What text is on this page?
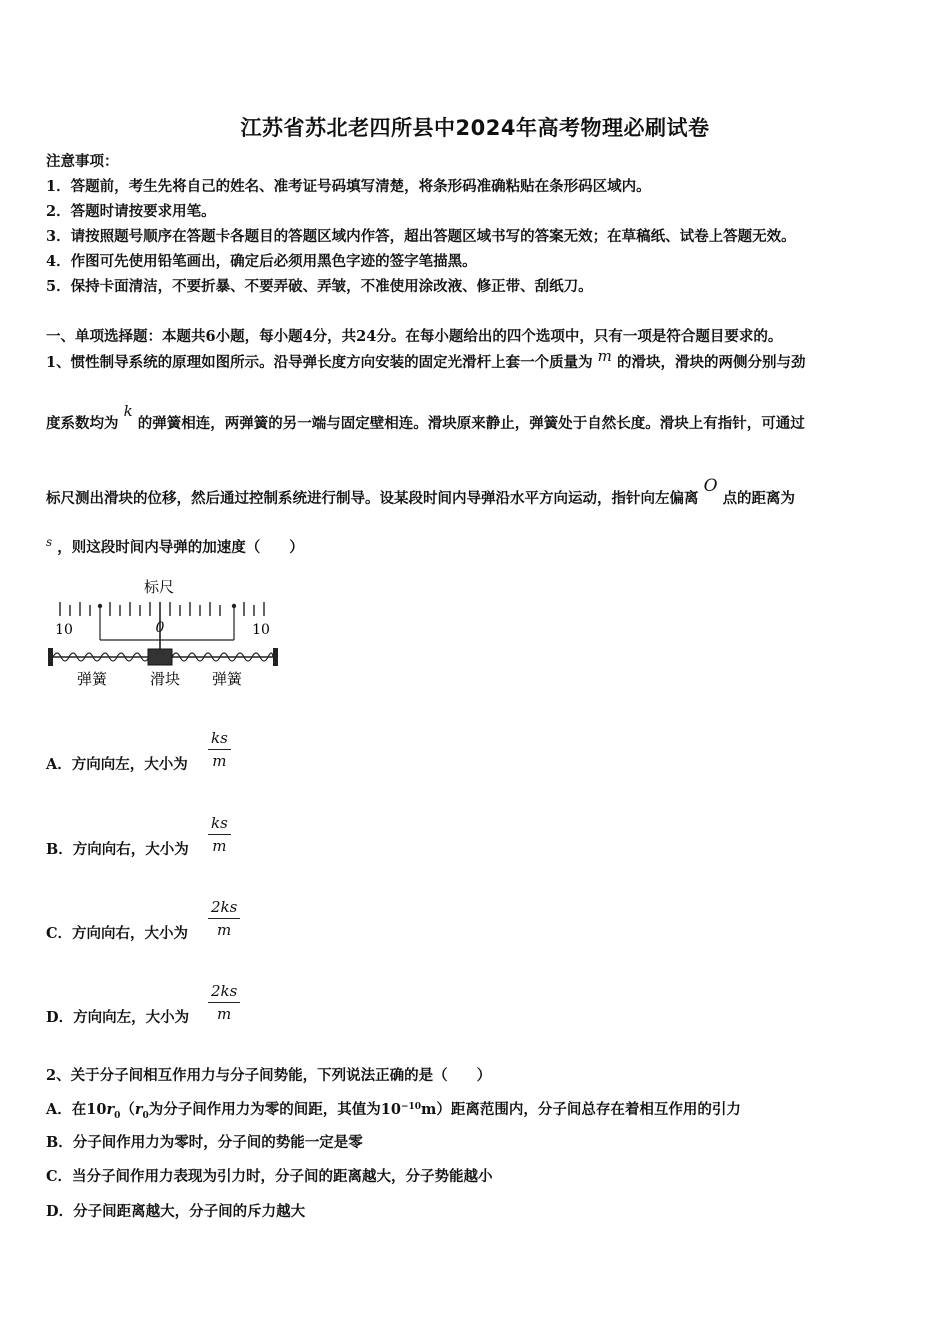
江苏省苏北老四所县中2024年高考物理必刷试卷
注意事项：
1．答题前，考生先将自己的姓名、准考证号码填写清楚，将条形码准确粘贴在条形码区域内。
2．答题时请按要求用笔。
3．请按照题号顺序在答题卡各题目的答题区域内作答，超出答题区域书写的答案无效；在草稿纸、试卷上答题无效。
4．作图可先使用铅笔画出，确定后必须用黑色字迹的签字笔描黑。
5．保持卡面清洁，不要折暴、不要弄破、弄皱，不准使用涂改液、修正带、刮纸刀。
一、单项选择题：本题共6小题，每小题4分，共24分。在每小题给出的四个选项中，只有一项是符合题目要求的。
1、惯性制导系统的原理如图所示。沿导弹长度方向安装的固定光滑杆上套一个质量为 m 的滑块，滑块的两侧分别与劲
度系数均为 k 的弹簧相连，两弹簧的另一端与固定壁相连。滑块原来静止，弹簧处于自然长度。滑块上有指针，可通过
标尺测出滑块的位移，然后通过控制系统进行制导。设某段时间内导弹沿水平方向运动，指针向左偏离 O 点的距离为
$^s$ ，则这段时间内导弹的加速度（　　）
标尺
10	0	10
弹簧	滑块 弹簧
A．方向向左，大小为 $\frac{ks}{m}$
B．方向向右，大小为 $\frac{ks}{m}$
C．方向向右，大小为 $\frac{2ks}{m}$
D．方向向左，大小为 $\frac{2ks}{m}$
2、关于分子间相互作用力与分子间势能，下列说法正确的是（　　）
A．在$10r_0(r_0$为分子间作用力为零的间距，其值为$10^{-10}m$）距离范围内，分子间总存在着相互作用的引力
B．分子间作用力为零时，分子间的势能一定是零
C．当分子间作用力表现为引力时，分子间的距离越大，分子势能越小
D．分子间距离越大，分子间的斥力越大
